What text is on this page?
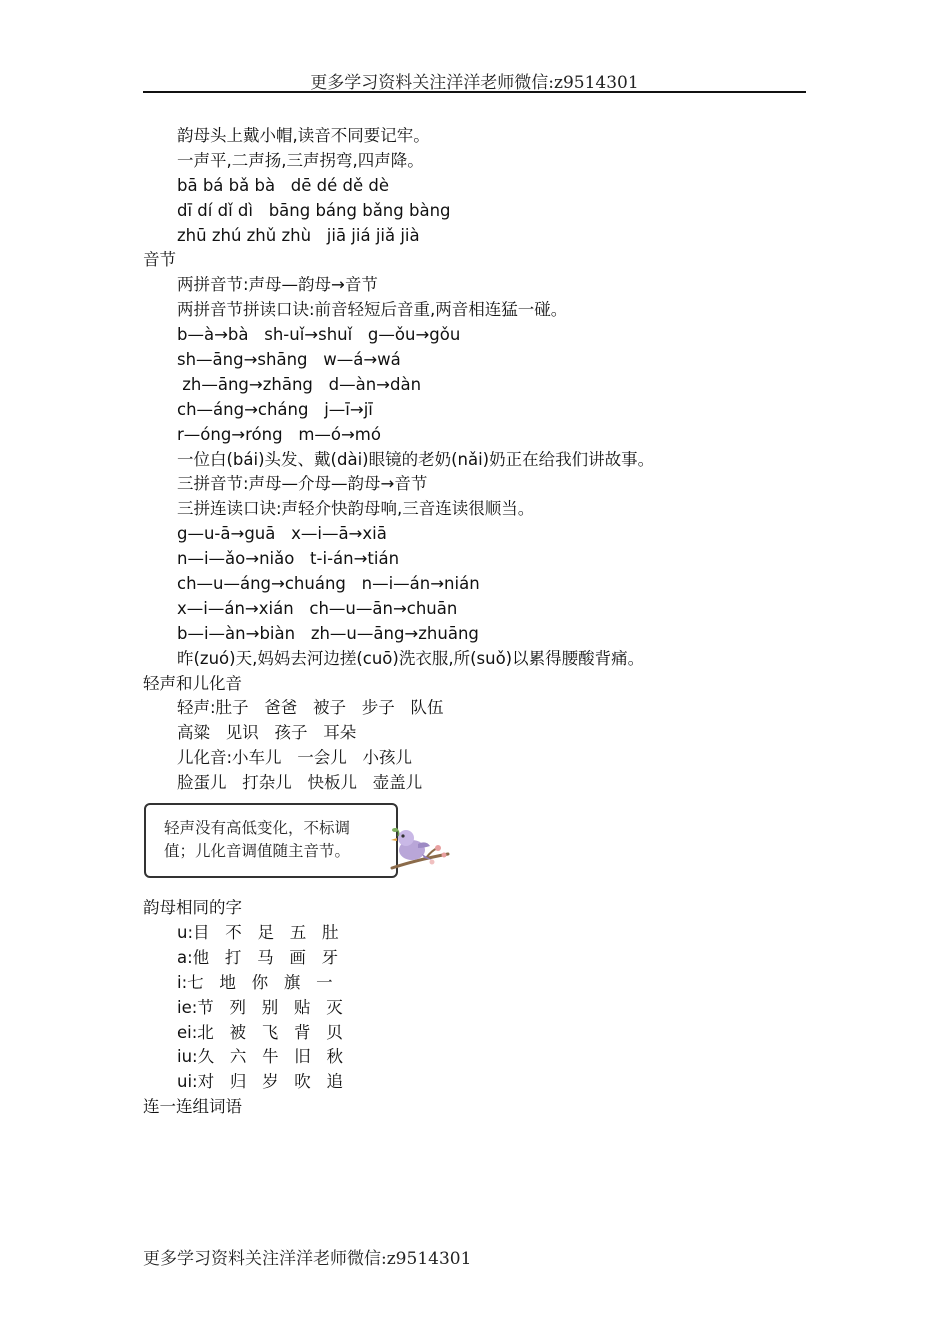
更多学习资料关注洋洋老师微信:z9514301
韵母头上戴小帽,读音不同要记牢。
一声平,二声扬,三声拐弯,四声降。
bā bá bǎ bà   dē dé dě dè
dī dí dǐ dì   bāng báng bǎng bàng
zhū zhú zhǔ zhù   jiā jiá jiǎ jià
音节
两拼音节:声母—韵母→音节
两拼音节拼读口诀:前音轻短后音重,两音相连猛一碰。
b—à→bà   sh-uǐ→shuǐ   g—ǒu→gǒu
sh—āng→shāng   w—á→wá
zh—āng→zhāng   d—àn→dàn
ch—áng→cháng   j—ī→jī
r—óng→róng   m—ó→mó
一位白(bái)头发、戴(dài)眼镜的老奶(nǎi)奶正在给我们讲故事。
三拼音节:声母—介母—韵母→音节
三拼连读口诀:声轻介快韵母响,三音连读很顺当。
g—u-ā→guā   x—i—ā→xiā
n—i—ǎo→niǎo   t-i-án→tián
ch—u—áng→chuáng   n—i—án→nián
x—i—án→xián   ch—u—ān→chuān
b—i—àn→biàn   zh—u—āng→zhuāng
昨(zuó)天,妈妈去河边搓(cuō)洗衣服,所(suǒ)以累得腰酸背痛。
轻声和儿化音
轻声:肚子   爸爸   被子   步子   队伍
高粱   见识   孩子   耳朵
儿化音:小车儿   一会儿   小孩儿
脸蛋儿   打杂儿   快板儿   壶盖儿
轻声没有高低变化，不标调值；儿化音调值随主音节。
韵母相同的字
u:目   不   足   五   肚
a:他   打   马   画   牙
i:七   地   你   旗   一
ie:节   列   别   贴   灭
ei:北   被   飞   背   贝
iu:久   六   牛   旧   秋
ui:对   归   岁   吹   追
连一连组词语
更多学习资料关注洋洋老师微信:z9514301
